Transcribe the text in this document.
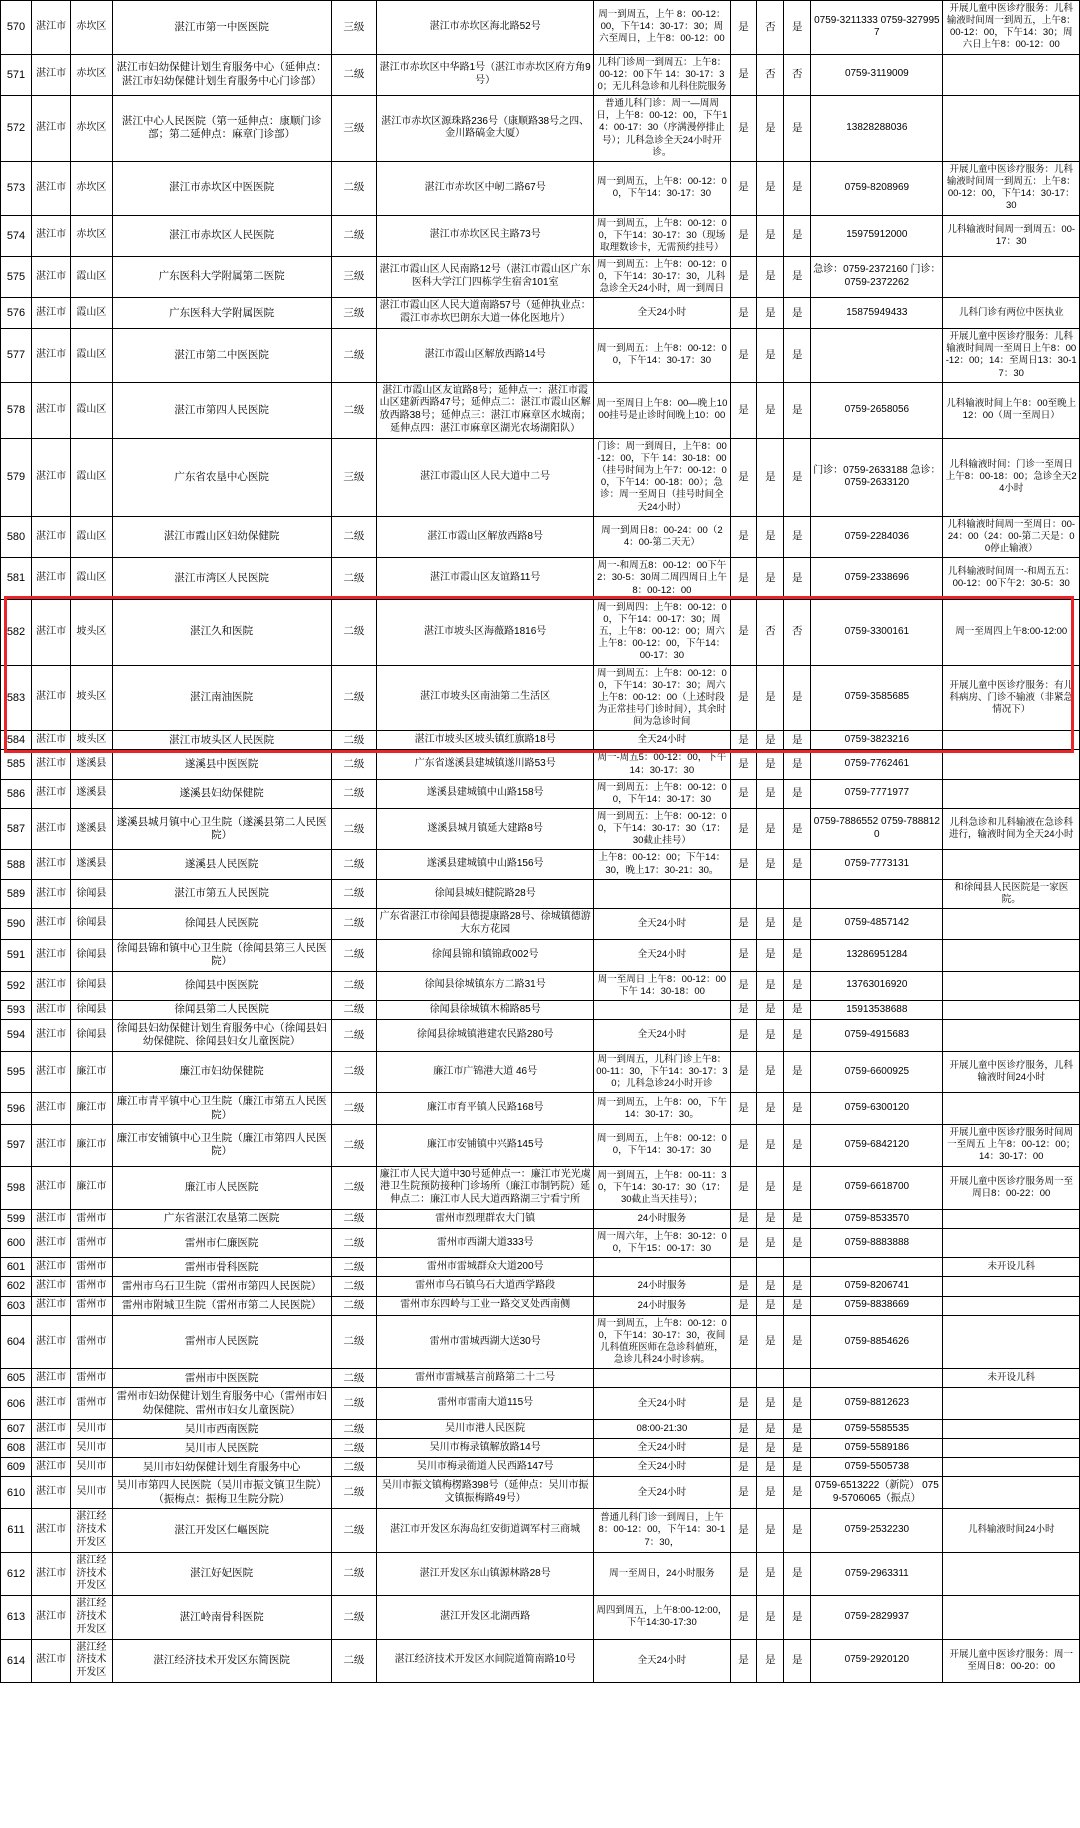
570	湛江市	赤坎区	湛江市第一中医医院	三级	湛江市赤坎区海北路52号	周一到周五，上午 8：00-12：00，下午14：30-17：30；周六至周日，上午8：00-12：00	是	否	是	0759-3211333 0759-3279957	开展儿童中医诊疗服务：儿科输液时间周一到周五，上午8：00-12：00，下午14：30；周六日上午8：00-12：00
571	湛江市	赤坎区	湛江市妇幼保健计划生育服务中心（延伸点：湛江市妇幼保健计划生育服务中心门诊部）	二级	湛江市赤坎区中华路1号（湛江市赤坎区府方角9号）	儿科门诊周一到周五：上午8：00-12：00下午 14：30-17：30；无儿科急诊和儿科住院服务	是	否	否	0759-3119009	
572	湛江市	赤坎区	湛江中心人民医院（第一延伸点：康顺门诊部；第二延伸点：麻章门诊部）	三级	湛江市赤坎区源珠路236号（康顺路38号之四、金川路碻金大厦）	普通儿科门诊：周一—周周日，上午8：00-12：00，下午14：00-17：30（序满漫停排止号）；儿科急诊全天24小时开诊。	是	是	是	13828288036	
573	湛江市	赤坎区	湛江市赤坎区中医医院	二级	湛江市赤坎区中屻二路67号	周一到周五，上午8：00-12：00，下午14：30-17：30	是	是	是	0759-8208969	开展儿童中医诊疗服务：儿科输液时间周一到周五：上午8：00-12：00，下午14：30-17：30
574	湛江市	赤坎区	湛江市赤坎区人民医院	二级	湛江市赤坎区民主路73号	周一到周五，上午8：00-12：00，下午14：30-17：30（现场取理数诊卡，无需预约挂号）	是	是	是	15975912000	儿科输液时间周一到周五：00-17：30
575	湛江市	霞山区	广东医科大学附属第二医院	三级	湛江市霞山区人民南路12号（湛江市霞山区广东医科大学江门四栋学生宿舍101室	周一到周五：上午8：00-12：00，下午14：30-17：30，儿科急诊全天24小时，周一到周日	是	是	是	急诊：0759-2372160 门诊：0759-2372262	
576	湛江市	霞山区	广东医科大学附属医院	三级	湛江市霞山区人民大道南路57号（延伸执业点：霞江市赤坎巴朗东大道一体化医地片）	全天24小时	是	是	是	15875949433	儿科门诊有两位中医执业
577	湛江市	霞山区	湛江市第二中医医院	二级	湛江市霞山区解放西路14号	周一到周五：上午8：00-12：00，下午14：30-17：30	是	是	是		开展儿童中医诊疗服务：儿科输液时间周一至周日上午8：00-12：00；14：至周日13：30-17：30
578	湛江市	霞山区	湛江市第四人民医院	二级	湛江市霞山区友谊路8号；延伸点一：湛江市霞山区建新西路47号；延伸点二：湛江市霞山区解放西路38号；延伸点三：湛江市麻章区水城南；延伸点四：湛江市麻章区湖光农场湖阳队）	周一至周日上午8：00—晚上1000挂号是止诊时间晚上10：00	是	是	是	0759-2658056	儿科输液时间上午8：00至晚上12：00（周一至周日）
579	湛江市	霞山区	广东省农垦中心医院	三级	湛江市霞山区人民大道中二号	门诊：周一到周日，上午8：00-12：00，下午 14：30-18：00（挂号时间为上午7：00-12：00，下午14：00-18：00）；急诊：周一至周日（挂号时间全天24小时）	是	是	是	门诊：0759-2633188 急诊：0759-2633120	儿科输液时间：门诊一至周日上午8：00-18：00；急诊全天24小时
580	湛江市	霞山区	湛江市霞山区妇幼保健院	二级	湛江市霞山区解放西路8号	周一到周日8：00-24：00（24：00-第二天无）	是	是	是	0759-2284036	儿科输液时间周一至周日：00-24：00（24：00-第二天是：00停止输液）
581	湛江市	霞山区	湛江市湾区人民医院	二级	湛江市霞山区友谊路11号	周一-和周五8：00-12：00下午2：30-5：30周二周四周日上午8：00-12：00	是	是	是	0759-2338696	儿科输液时间周一-和周五五：00-12：00下午2：30-5：30
582	湛江市	坡头区	湛江久和医院	二级	湛江市坡头区海薇路1816号	周一到周四：上午8：00-12：00，下午14：00-17：30；周五，上午8：00-12：00；周六上午8：00-12：00，下午14：00-17：30	是	否	否	0759-3300161	周一至周四上午8:00-12:00
583	湛江市	坡头区	湛江南油医院	二级	湛江市坡头区南油第二生活区	周一到周五：上午8：00-12：00，下午14：30-17：30；周六上午8：00-12：00（上述时段为正常挂号门诊时间），其余时间为急诊时间	是	是	是	0759-3585685	开展儿童中医诊疗服务：有儿科病房、门诊不输液（非紧急情况下）
584	湛江市	坡头区	湛江市坡头区人民医院	二级	湛江市坡头区坡头镇红旗路18号	全天24小时	是	是	是	0759-3823216	
585	湛江市	遂溪县	遂溪县中医医院	二级	广东省遂溪县建城镇遂川路53号	周一-周五5：00-12：00，下午14：30-17：30	是	是	是	0759-7762461	
586	湛江市	遂溪县	遂溪县妇幼保健院	二级	遂溪县建城镇中山路158号	周一到周五：上午8：00-12：00，下午14：30-17：30	是	是	是	0759-7771977	
587	湛江市	遂溪县	遂溪县城月镇中心卫生院（遂溪县第二人民医院）	二级	遂溪县城月镇延大建路8号	周一到周五：上午8：00-12：00，下午14：30-17：30（17：30截止挂号）	是	是	是	0759-7886552 0759-7888120	儿科急诊和儿科输液在急诊科进行，输液时间为全天24小时
588	湛江市	遂溪县	遂溪县人民医院	二级	遂溪县建城镇中山路156号	上午8：00-12：00；下午14：30，晚上17：30-21：30。	是	是	是	0759-7773131	
589	湛江市	徐闻县	湛江市第五人民医院	二级	徐闻县城妇健院路28号						和徐闻县人民医院是一家医院。
590	湛江市	徐闻县	徐闻县人民医院	二级	广东省湛江市徐闻县德提康路28号、徐城镇德游大东方花园	全天24小时	是	是	是	0759-4857142	
591	湛江市	徐闻县	徐闻县锦和镇中心卫生院（徐闻县第三人民医院）	二级	徐闻县锦和镇锦政002号	全天24小时	是	是	是	13286951284	
592	湛江市	徐闻县	徐闻县中医医院	二级	徐闻县徐城镇东方二路31号	周一至周日 上午8：00-12：00 下午 14：30-18：00	是	是	是	13763016920	
593	湛江市	徐闻县	徐闻县第二人民医院	二级	徐闻县徐城镇木棉路85号		是	是	是	15913538688	
594	湛江市	徐闻县	徐闻县妇幼保健计划生育服务中心（徐闻县妇幼保健院、徐闻县妇女儿童医院）	二级	徐闻县徐城镇港建农民路280号	全天24小时	是	是	是	0759-4915683	
595	湛江市	廉江市	廉江市妇幼保健院	二级	廉江市广锦港大道 46号	周一到周五，儿科门诊上午8：00-11：30，下午14：30-17：30；儿科急诊24小时开诊	是	是	是	0759-6600925	开展儿童中医诊疗服务，儿科输液时间24小时
596	湛江市	廉江市	廉江市青平镇中心卫生院（廉江市第五人民医院）	二级	廉江市育平镇人民路168号	周一到周五，上午8：00，下午14：30-17：30。	是	是	是	0759-6300120	
597	湛江市	廉江市	廉江市安铺镇中心卫生院（廉江市第四人民医院）	二级	廉江市安铺镇中兴路145号	周一到周五，上午8：00-12：00，下午14：30-17：30	是	是	是	0759-6842120	开展儿童中医诊疗服务时间周一至周五 上午8：00-12：00；14：30-17：00
598	湛江市	廉江市	廉江市人民医院	二级	廉江市人民大道中30号延伸点一：廉江市光光虞港卫生院预防接种门诊场所（廉江市制钙院）延伸点二：廉江市人民大道西路湖三宁看宁所	周一到周五，上午8：00-11：30，下午14：30-17：30（17：30截止当天挂号）；	是	是	是	0759-6618700	开展儿童中医诊疗服务周一至周日8：00-22：00
599	湛江市	雷州市	广东省湛江农垦第二医院	二级	雷州市烈理群农大门镇	24小时服务	是	是	是	0759-8533570	
600	湛江市	雷州市	雷州市仁廉医院	二级	雷州市西湖大道333号	周一周六年，上午8：30-12：00，下午15：00-17：30	是	是	是	0759-8883888	
601	湛江市	雷州市	雷州市骨科医院	二级	雷州市雷城群众大道200号						未开设儿科
602	湛江市	雷州市	雷州市乌石卫生院（雷州市第四人民医院）	二级	雷州市乌石镇乌石大道西学路段	24小时服务	是	是	是	0759-8206741	
603	湛江市	雷州市	雷州市附城卫生院（雷州市第二人民医院）	二级	雷州市东四岭与工业一路交叉处西南侧	24小时服务	是	是	是	0759-8838669	
604	湛江市	雷州市	雷州市人民医院	二级	雷州市雷城西湖大送30号	周一到周五，上午8：00-12：00，下午14：30-17：30，夜间儿科值班医师在急诊科値班，急诊儿科24小时诊病。	是	是	是	0759-8854626	
605	湛江市	雷州市	雷州市中医医院	二级	雷州市雷城基言前路第二十二号						未开设儿科
606	湛江市	雷州市	雷州市妇幼保健计划生育服务中心（雷州市妇幼保健院、雷州市妇女儿童医院）	二级	雷州市雷南大道115号	全天24小时	是	是	是	0759-8812623	
607	湛江市	吴川市	吴川市西南医院	二级	吴川市港人民医院	08:00-21:30	是	是	是	0759-5585535	
608	湛江市	吴川市	吴川市人民医院	二级	吴川市梅录镇解放路14号	全天24小时	是	是	是	0759-5589186	
609	湛江市	吴川市	吴川市妇幼保健计划生育服务中心	二级	吴川市梅录衜道人民西路147号	全天24小时	是	是	是	0759-5505738	
610	湛江市	吴川市	吴川市第四人民医院（吴川市振文镇卫生院）（振梅点：振梅卫生院分院）	二级	吴川市振文镇梅楞路398号（延伸点：吴川市振文镇振梅路49号）	全天24小时	是	是	是	0759-6513222（新院） 0759-5706065（振点）	
611	湛江市	湛江经济技术开发区	湛江开发区仁嶇医院	二级	湛江市开发区东海岛红安街道调军村三商城	普通儿科门诊一到周日，上午8：00-12：00，下午14：30-17：30，	是	是	是	0759-2532230	儿科输液时间24小时
612	湛江市	湛江经济技术开发区	湛江好妃医院	二级	湛江开发区东山镇源林路28号	周一至周日，24小时服务	是	是	是	0759-2963311	
613	湛江市	湛江经济技术开发区	湛江岭南骨科医院	二级	湛江开发区北湖西路	周四到周五，上午8:00-12:00，下午14:30-17:30	是	是	是	0759-2829937	
614	湛江市	湛江经济技术开发区	湛江经济技术开发区东简医院	二级	湛江经济技术开发区水间院道简南路10号	全天24小时	是	是	是	0759-2920120	开展儿童中医诊疗服务：周一至周日8：00-20：00
